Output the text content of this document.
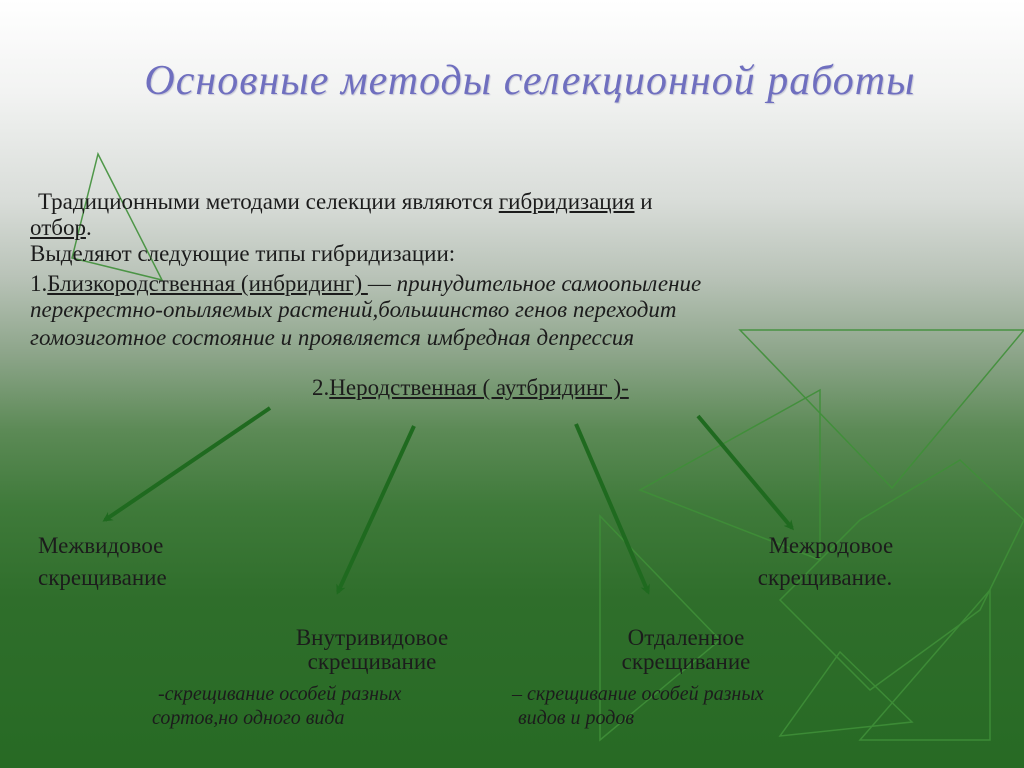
Основные методы селекционной работы
Традиционными методами селекции являются гибридизация и
отбор.
Выделяют следующие типы гибридизации:
1.Близкородственная (инбридинг) — принудительное самоопыление
перекрестно-опыляемых растений,большинство генов переходит
гомозиготное состояние и проявляется имбредная депрессия
2.Неродственная ( аутбридинг )-
Межвидовое
скрещивание
Межродовое
скрещивание.
Внутривидовое
скрещивание
-скрещивание особей разных
сортов,но одного вида
Отдаленное
скрещивание
– скрещивание особей разных
видов и родов
